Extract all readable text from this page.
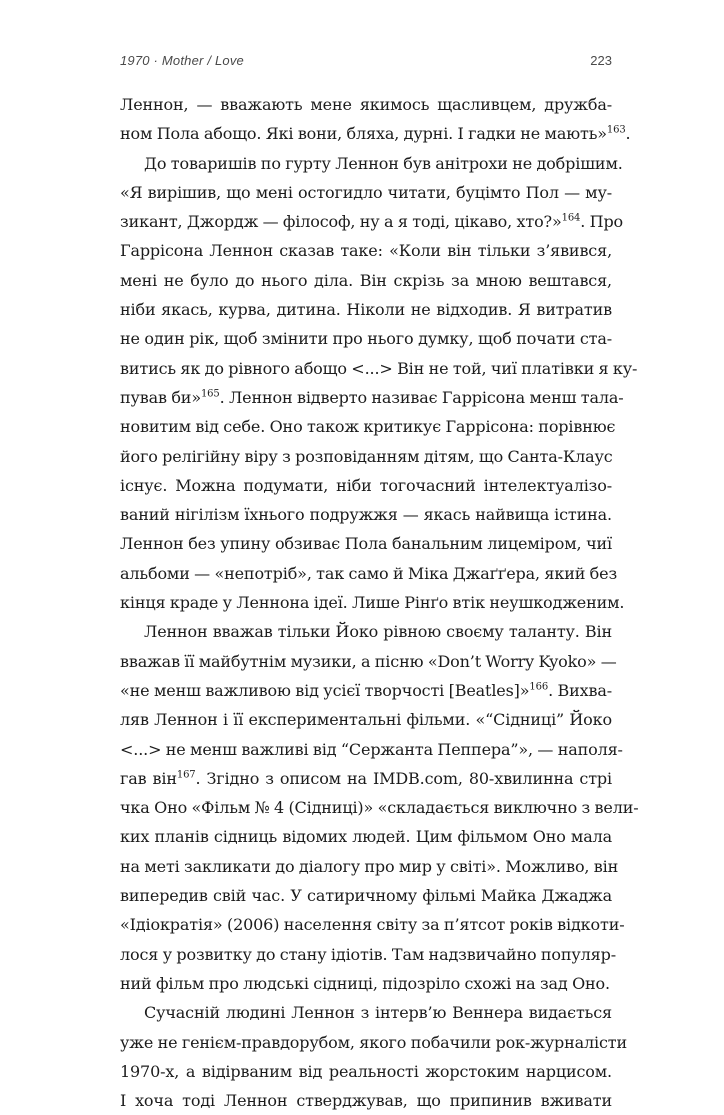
1970 · Mother / Love	223
Леннон, — вважають мене якимось щасливцем, дружба-
ном Пола абощо. Які вони, бляха, дурні. І гадки не мають»$^{163}$.
До товаришів по гурту Леннон був анітрохи не добрішим.
«Я вирішив, що мені остогидло читати, буцімто Пол — му-
зикант, Джордж — філософ, ну а я тоді, цікаво, хто?»$^{164}$. Про
Гаррісона Леннон сказав таке: «Коли він тільки з’явився,
мені не було до нього діла. Він скрізь за мною вештався,
ніби якась, курва, дитина. Ніколи не відходив. Я витратив
не один рік, щоб змінити про нього думку, щоб почати ста-
витись як до рівного абощо <...> Він не той, чиї платівки я ку-
пував би»$^{165}$. Леннон відверто називає Гаррісона менш тала-
новитим від себе. Оно також критикує Гаррісона: порівнює
його релігійну віру з розповіданням дітям, що Санта-Клаус
існує. Можна подумати, ніби тогочасний інтелектуалізо-
ваний нігілізм їхнього подружжя — якась найвища істина.
Леннон без упину обзиває Пола банальним лицеміром, чиї
альбоми — «непотріб», так само й Міка Джаґґера, який без
кінця краде у Леннона ідеї. Лише Рінґо втік неушкодженим.
Леннон вважав тільки Йоко рівною своєму таланту. Він
вважав її майбутнім музики, а пісню «Don’t Worry Kyoko» —
«не менш важливою від усієї творчості [Beatles]»$^{166}$. Вихва-
ляв Леннон і її експериментальні фільми. «“Сідниці” Йоко
<...> не менш важливі від “Сержанта Пеппера”», — наполя-
гав він$^{167}$. Згідно з описом на IMDB.com, 80-хвилинна стрі
чка Оно «Фільм № 4 (Сідниці)» «складається виключно з вели-
ких планів сідниць відомих людей. Цим фільмом Оно мала
на меті закликати до діалогу про мир у світі». Можливо, він
випередив свій час. У сатиричному фільмі Майка Джаджа
«Ідіократія» (2006) населення світу за п’ятсот років відкоти-
лося у розвитку до стану ідіотів. Там надзвичайно популяр-
ний фільм про людські сідниці, підозріло схожі на зад Оно.
Сучасній людині Леннон з інтерв’ю Веннера видається
уже не генієм-правдорубом, якого побачили рок-журналісти
1970-х, а відірваним від реальності жорстоким нарцисом.
І хоча тоді Леннон стверджував, що припинив вживати
